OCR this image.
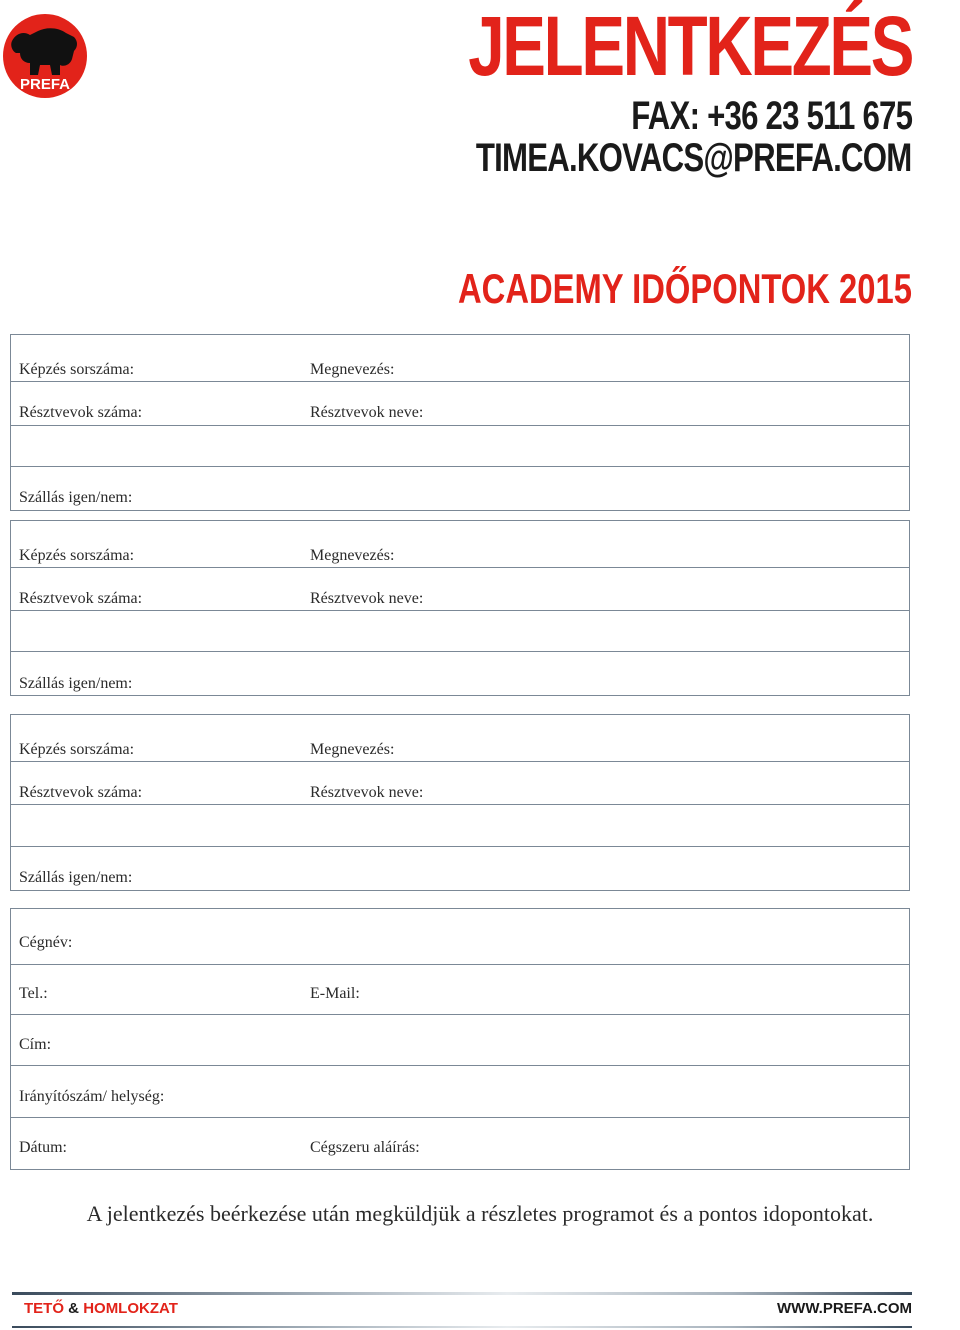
PREFA	JELENTKEZÉS
FAX: +36 23 511 675
TIMEA.KOVACS@PREFA.COM
ACADEMY IDŐPONTOK 2015
Képzés sorszáma:	Megnevezés:
Résztvevok száma:	Résztvevok neve:
Szállás igen/nem:
Képzés sorszáma:	Megnevezés:
Résztvevok száma:	Résztvevok neve:
Szállás igen/nem:
Képzés sorszáma:	Megnevezés:
Résztvevok száma:	Résztvevok neve:
Szállás igen/nem:
Cégnév:
Tel.:	E-Mail:
Cím:
Irányítószám/ helység:
Dátum:	Cégszeru aláírás:
A jelentkezés beérkezése után megküldjük a részletes programot és a pontos idopontokat.
TETŐ & HOMLOKZAT	WWW.PREFA.COM
